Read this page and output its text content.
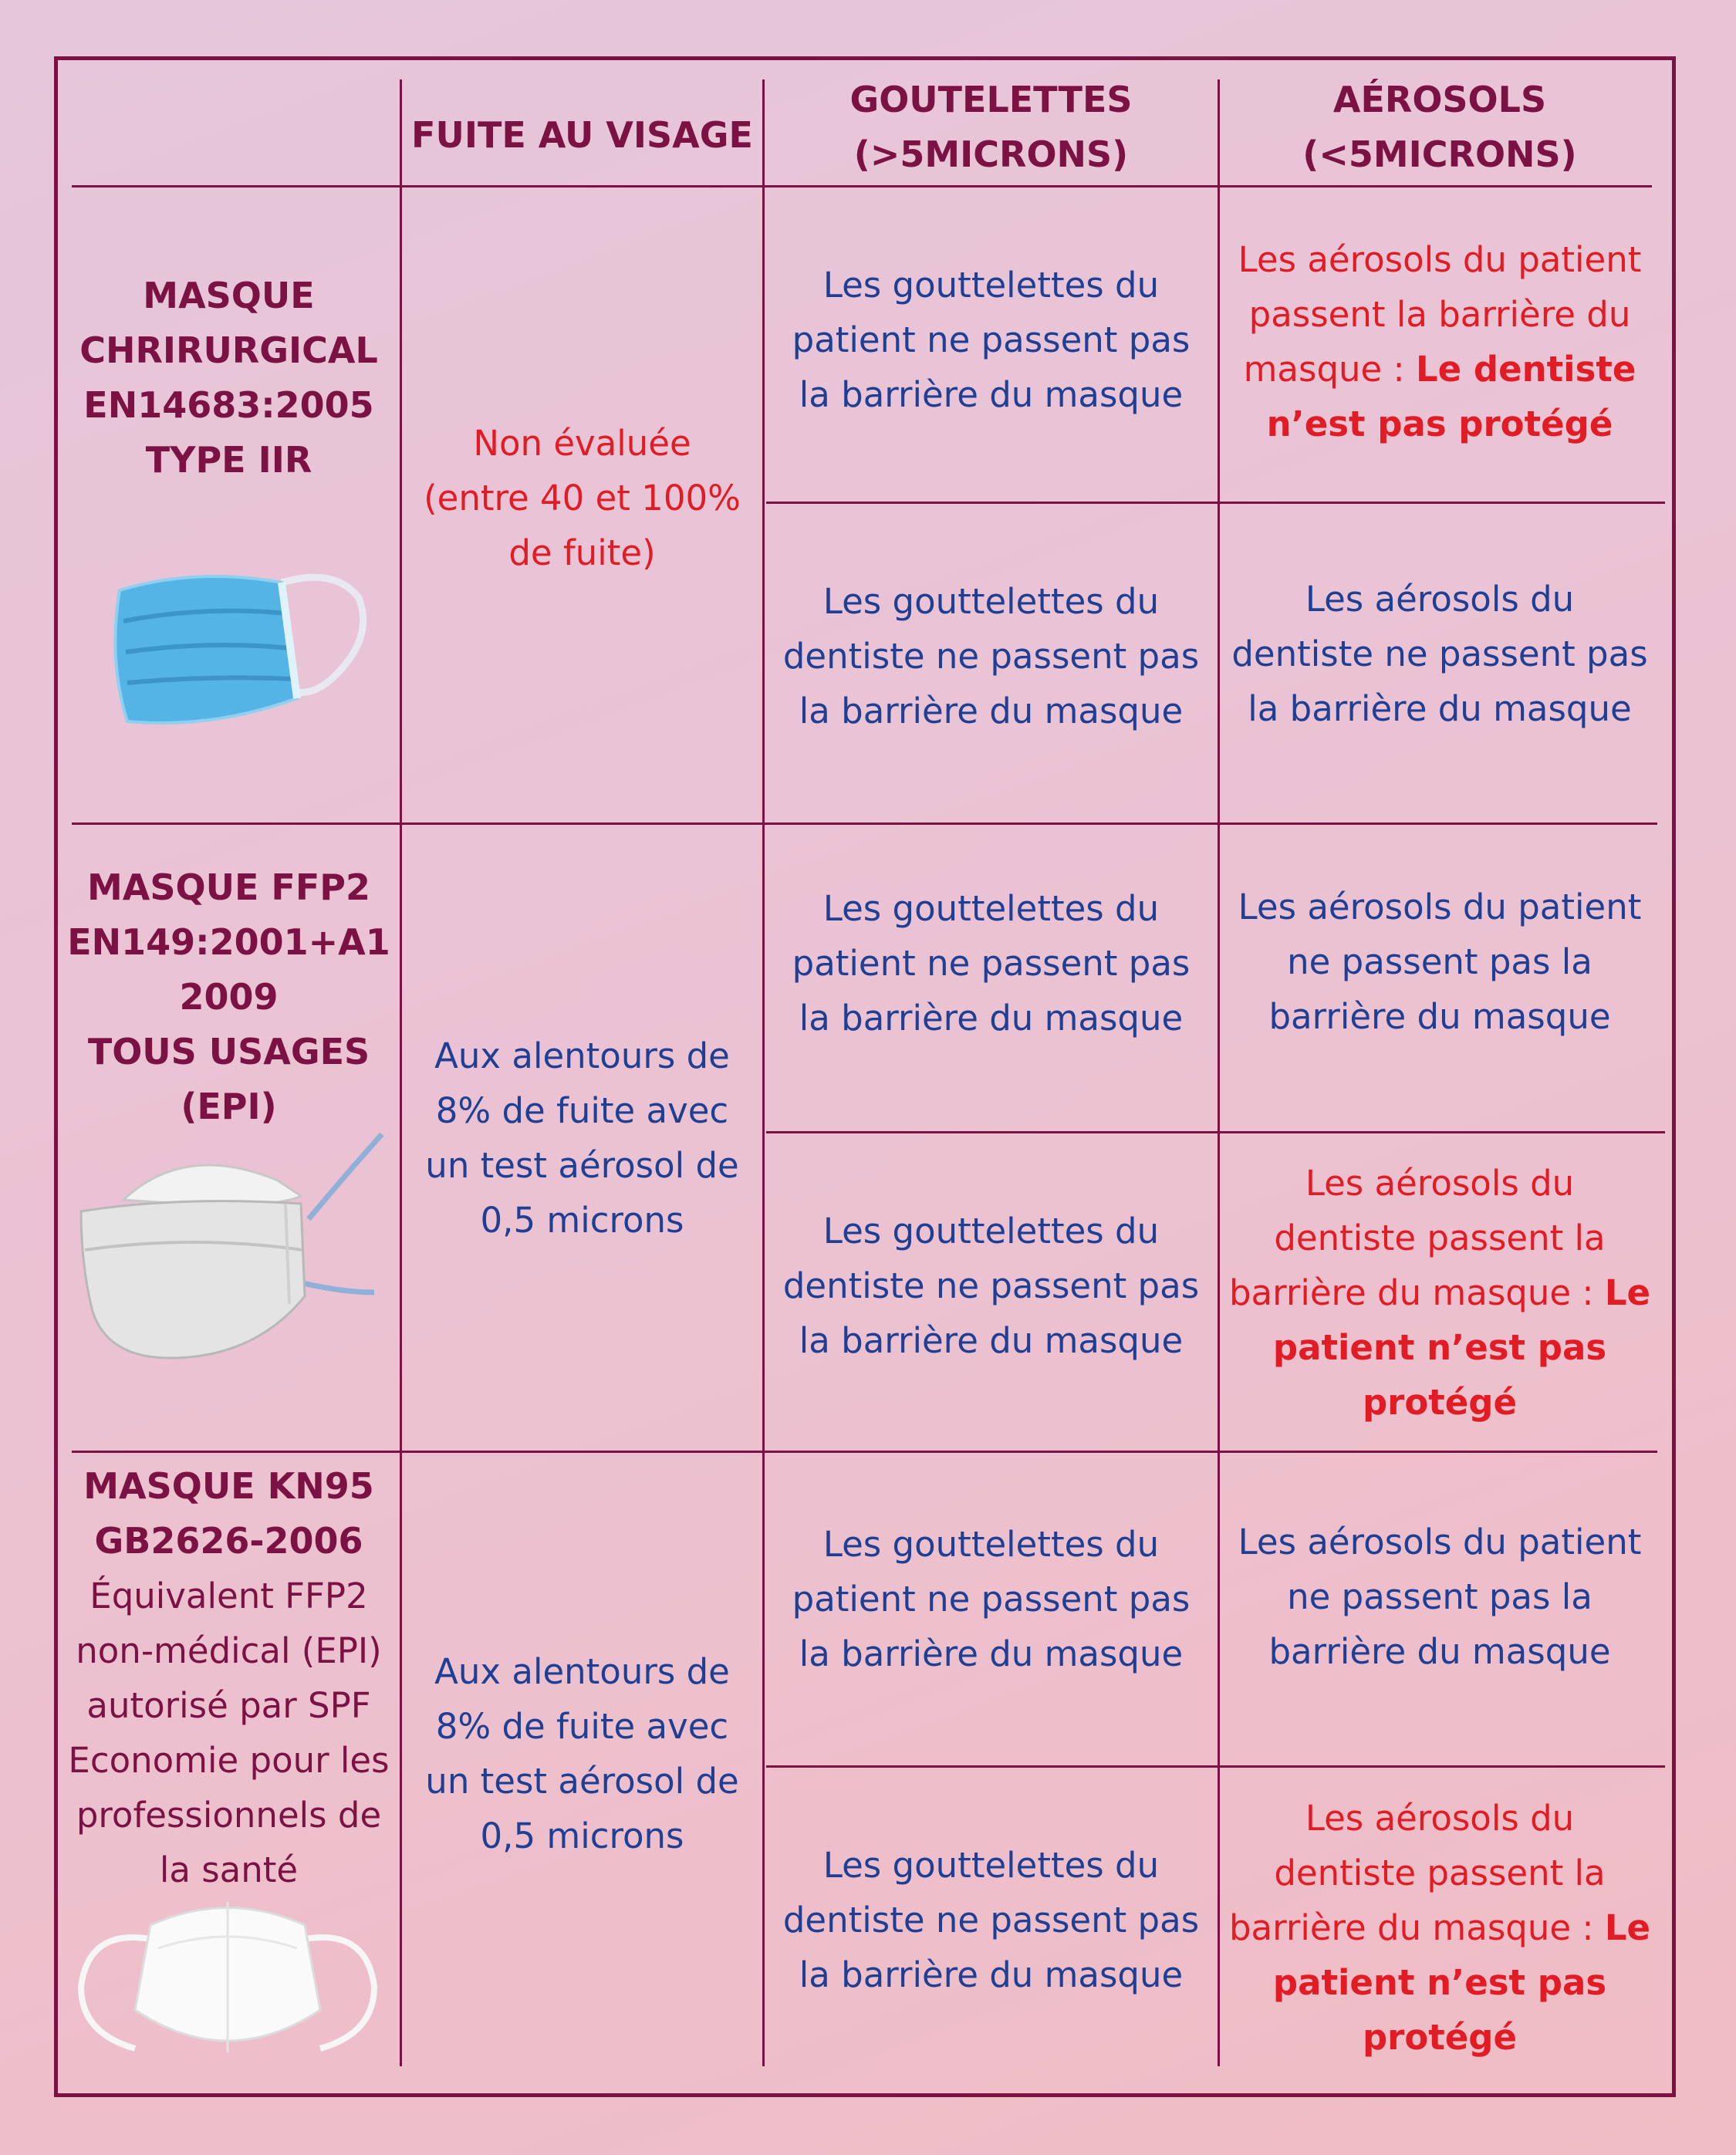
FUITE AU VISAGE
GOUTELETTES
(>5MICRONS)
AÉROSOLS
(<5MICRONS)
MASQUE
CHRIRURGICAL
EN14683:2005
TYPE IIR	Non évaluée
(entre 40 et 100%
de fuite)
Les gouttelettes du
patient ne passent pas
la barrière du masque
Les aérosols du patient
passent la barrière du
masque : Le dentiste
n’est pas protégé
Les gouttelettes du
dentiste ne passent pas
la barrière du masque
Les aérosols du
dentiste ne passent pas
la barrière du masque
MASQUE FFP2
EN149:2001+A1
2009
TOUS USAGES
(EPI)
Aux alentours de
8% de fuite avec
un test aérosol de
0,5 microns
Les gouttelettes du
patient ne passent pas
la barrière du masque
Les aérosols du patient
ne passent pas la
barrière du masque
Les gouttelettes du
dentiste ne passent pas
la barrière du masque
Les aérosols du
dentiste passent la
barrière du masque : Le
patient n’est pas
protégé
MASQUE KN95
GB2626-2006
Équivalent FFP2
non-médical (EPI)
autorisé par SPF
Economie pour les
professionnels de
la santé
Aux alentours de
8% de fuite avec
un test aérosol de
0,5 microns
Les gouttelettes du
patient ne passent pas
la barrière du masque
Les aérosols du patient
ne passent pas la
barrière du masque
Les gouttelettes du
dentiste ne passent pas
la barrière du masque
Les aérosols du
dentiste passent la
barrière du masque : Le
patient n’est pas
protégé
